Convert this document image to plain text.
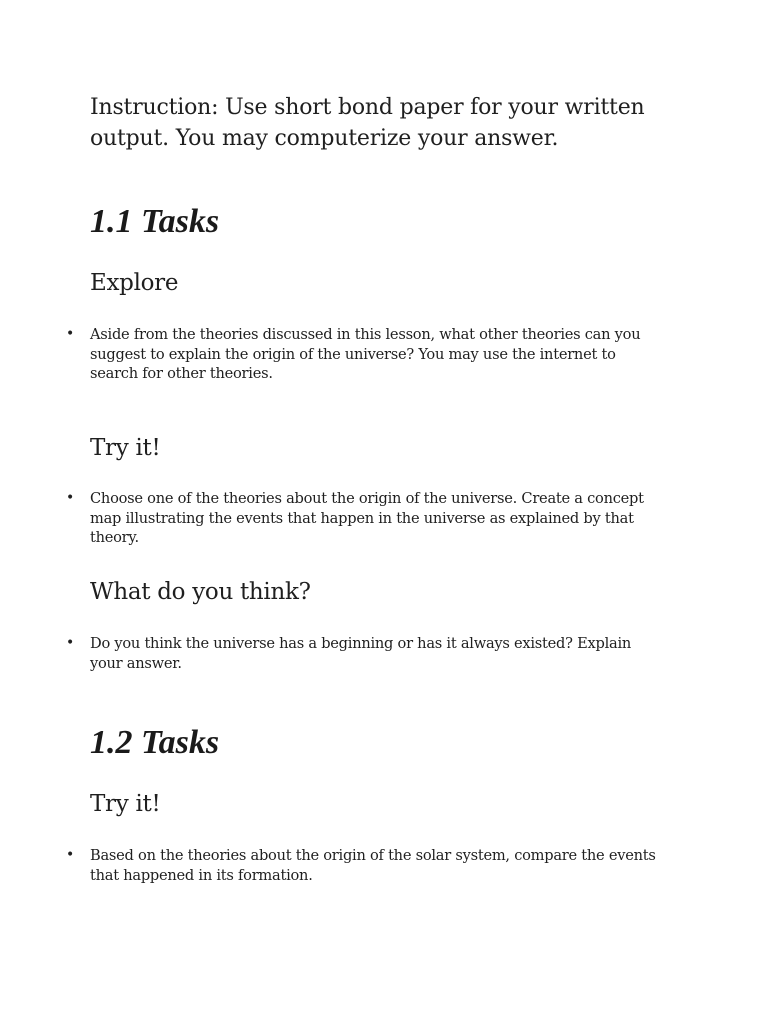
Instruction: Use short bond paper for your written output. You may computerize your answer.
1.1 Tasks
Explore
•	Aside from the theories discussed in this lesson, what other theories can you suggest to explain the origin of the universe? You may use the internet to search for other theories.
Try it!
•	Choose one of the theories about the origin of the universe. Create a concept map illustrating the events that happen in the universe as explained by that theory.
What do you think?
•	Do you think the universe has a beginning or has it always existed? Explain your answer.
1.2 Tasks
Try it!
•	Based on the theories about the origin of the solar system, compare the events that happened in its formation.
